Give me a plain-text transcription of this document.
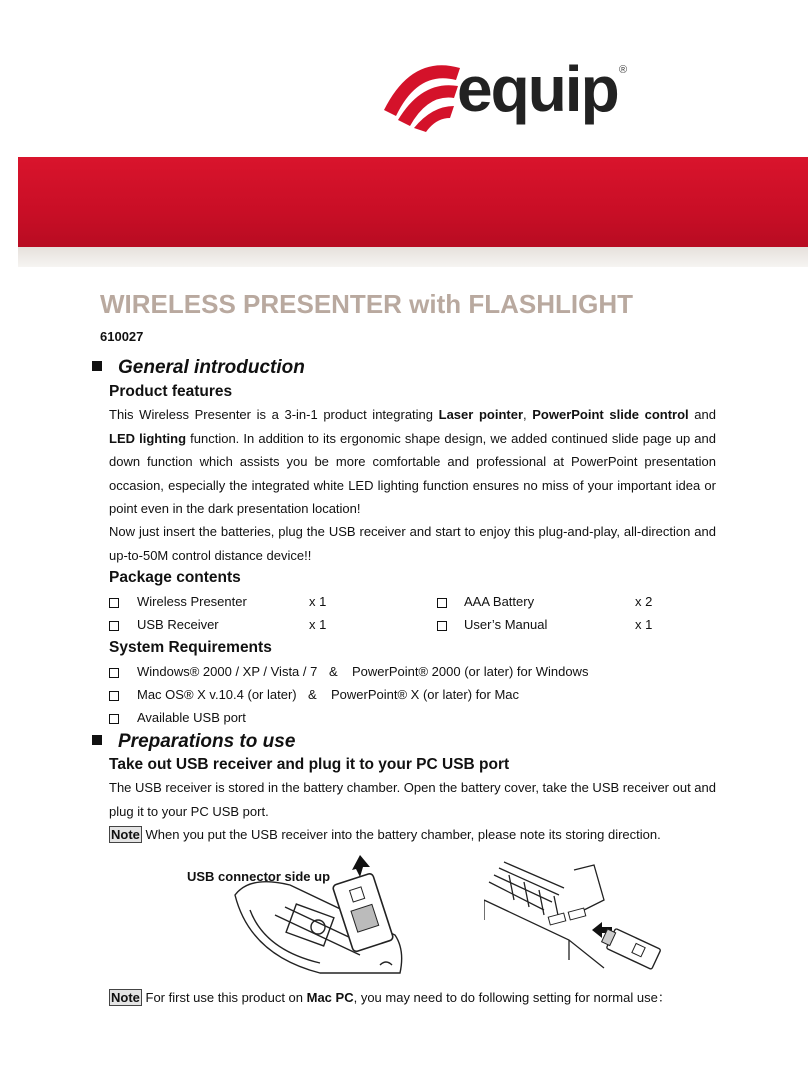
equip ®
WIRELESS PRESENTER with FLASHLIGHT
610027
General introduction
Product features
This Wireless Presenter is a 3-in-1 product integrating Laser pointer, PowerPoint slide control and LED lighting function. In addition to its ergonomic shape design, we added continued slide page up and down function which assists you be more comfortable and professional at PowerPoint presentation occasion, especially the integrated white LED lighting function ensures no miss of your important idea or point even in the dark presentation location!
Now just insert the batteries, plug the USB receiver and start to enjoy this plug-and-play, all-direction and up-to-50M control distance device!!
Package contents
Wireless Presenter	x 1	AAA Battery	x 2
USB Receiver	x 1	User’s Manual	x 1
System Requirements
Windows® 2000 / XP / Vista / 7 & PowerPoint® 2000 (or later) for Windows
Mac OS® X v.10.4 (or later) & PowerPoint® X (or later) for Mac
Available USB port
Preparations to use
Take out USB receiver and plug it to your PC USB port
The USB receiver is stored in the battery chamber. Open the battery cover, take the USB receiver out and plug it to your PC USB port.
Note When you put the USB receiver into the battery chamber, please note its storing direction.
USB connector side up
Note For first use this product on Mac PC, you may need to do following setting for normal use：
